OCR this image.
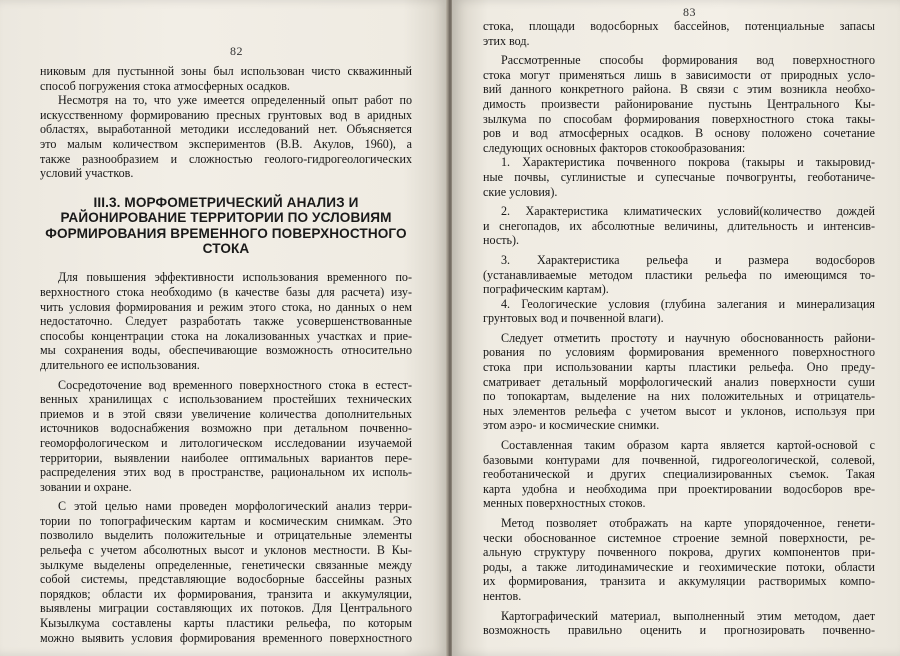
82
никовым для пустынной зоны был использован чисто скважинный
способ погружения стока атмосферных осадков.
Несмотря на то, что уже имеется определенный опыт работ по
искусственному формированию пресных грунтовых вод в аридных
областях, выработанной методики исследований нет. Объясняется
это малым количеством экспериментов (В.В. Акулов, 1960), а
также разнообразием и сложностью геолого-гидрогеологических
условий участков.
III.3. МОРФОМЕТРИЧЕСКИЙ АНАЛИЗ И
РАЙОНИРОВАНИЕ ТЕРРИТОРИИ ПО УСЛОВИЯМ
ФОРМИРОВАНИЯ ВРЕМЕННОГО ПОВЕРХНОСТНОГО
СТОКА
Для повышения эффективности использования временного по-
верхностного стока необходимо (в качестве базы для расчета) изу-
чить условия формирования и режим этого стока, но данных о нем
недостаточно. Следует разработать также усовершенствованные
способы концентрации стока на локализованных участках и прие-
мы сохранения воды, обеспечивающие возможность относительно
длительного ее использования.
Сосредоточение вод временного поверхностного стока в естест-
венных хранилищах с использованием простейших технических
приемов и в этой связи увеличение количества дополнительных
источников водоснабжения возможно при детальном почвенно-
геоморфологическом и литологическом исследовании изучаемой
территории, выявлении наиболее оптимальных вариантов пере-
распределения этих вод в пространстве, рациональном их исполь-
зовании и охране.
С этой целью нами проведен морфологический анализ терри-
тории по топографическим картам и космическим снимкам. Это
позволило выделить положительные и отрицательные элементы
рельефа с учетом абсолютных высот и уклонов местности. В Кы-
зылкуме выделены определенные, генетически связанные между
собой системы, представляющие водосборные бассейны разных
порядков; области их формирования, транзита и аккумуляции,
выявлены миграции составляющих их потоков. Для Центрального
Кызылкума составлены карты пластики рельефа, по которым
можно выявить условия формирования временного поверхностного
83
стока, площади водосборных бассейнов, потенциальные запасы
этих вод.
Рассмотренные способы формирования вод поверхностного
стока могут применяться лишь в зависимости от природных усло-
вий данного конкретного района. В связи с этим возникла необхо-
димость произвести районирование пустынь Центрального Кы-
зылкума по способам формирования поверхностного стока такы-
ров и вод атмосферных осадков. В основу положено сочетание
следующих основных факторов стокообразования:
1. Характеристика почвенного покрова (такыры и такыровид-
ные почвы, суглинистые и супесчаные почвогрунты, геоботаниче-
ские условия).
2. Характеристика климатических условий(количество дождей
и снегопадов, их абсолютные величины, длительность и интенсив-
ность).
3. Характеристика рельефа и размера водосборов
(устанавливаемые методом пластики рельефа по имеющимся то-
пографическим картам).
4. Геологические условия (глубина залегания и минерализация
грунтовых вод и почвенной влаги).
Следует отметить простоту и научную обоснованность райони-
рования по условиям формирования временного поверхностного
стока при использовании карты пластики рельефа. Оно преду-
сматривает детальный морфологический анализ поверхности суши
по топокартам, выделение на них положительных и отрицатель-
ных элементов рельефа с учетом высот и уклонов, используя при
этом аэро- и космические снимки.
Составленная таким образом карта является картой-основой с
базовыми контурами для почвенной, гидрогеологической, солевой,
геоботанической и других специализированных съемок. Такая
карта удобна и необходима при проектировании водосборов вре-
менных поверхностных стоков.
Метод позволяет отображать на карте упорядоченное, генети-
чески обоснованное системное строение земной поверхности, ре-
альную структуру почвенного покрова, других компонентов при-
роды, а также литодинамические и геохимические потоки, области
их формирования, транзита и аккумуляции растворимых компо-
нентов.
Картографический материал, выполненный этим методом, дает
возможность правильно оценить и прогнозировать почвенно-
